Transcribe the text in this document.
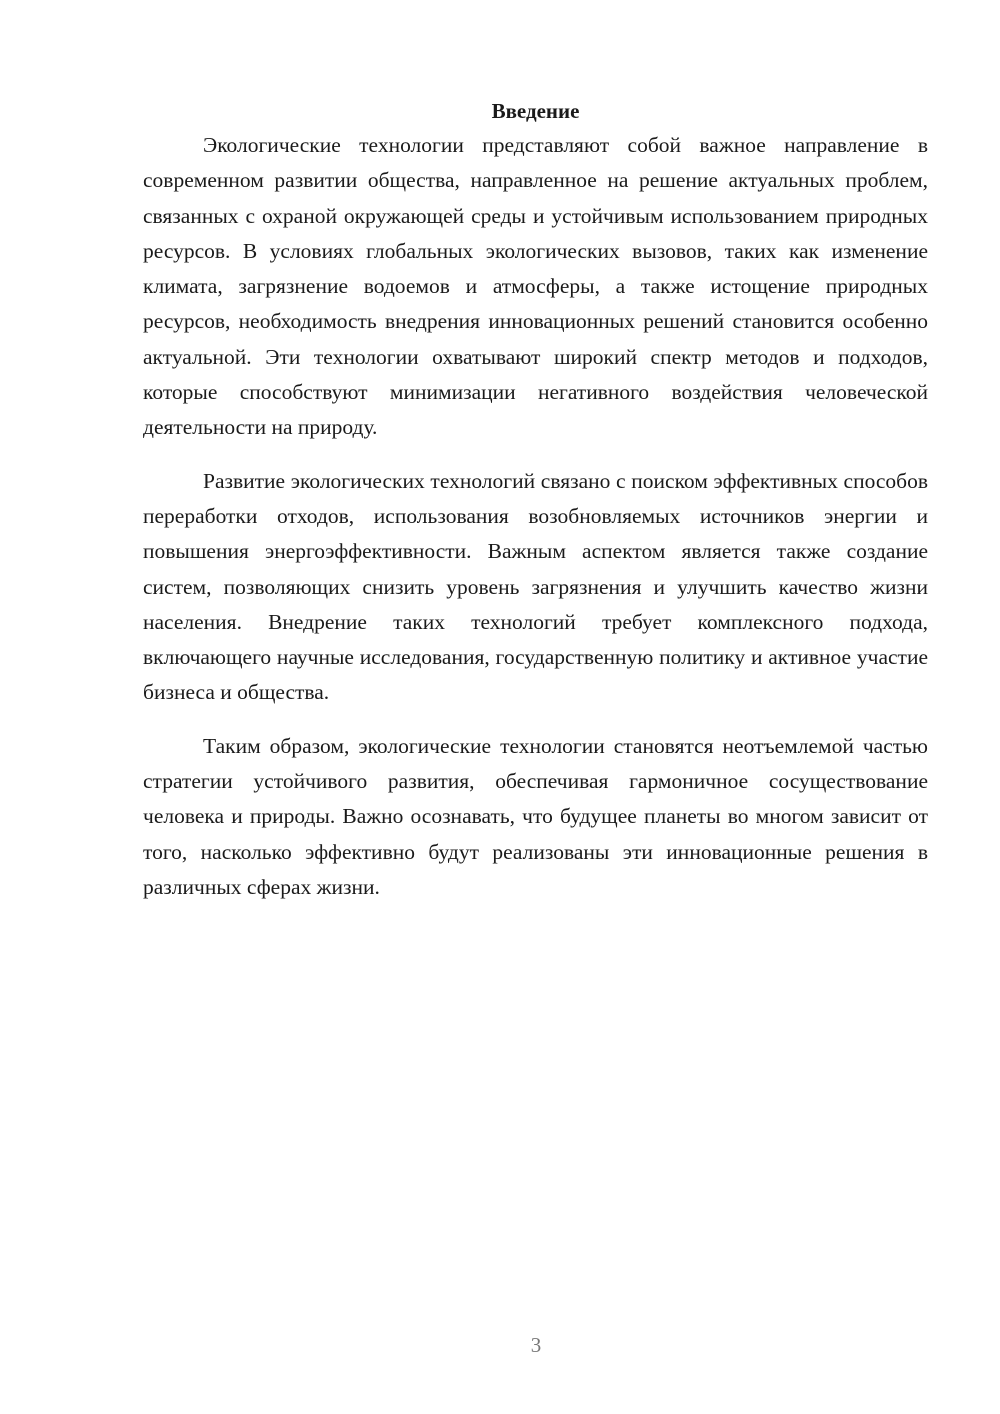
Введение

Экологические технологии представляют собой важное направление в современном развитии общества, направленное на решение актуальных проблем, связанных с охраной окружающей среды и устойчивым использованием природных ресурсов. В условиях глобальных экологических вызовов, таких как изменение климата, загрязнение водоемов и атмосферы, а также истощение природных ресурсов, необходимость внедрения инновационных решений становится особенно актуальной. Эти технологии охватывают широкий спектр методов и подходов, которые способствуют минимизации негативного воздействия человеческой деятельности на природу.

Развитие экологических технологий связано с поиском эффективных способов переработки отходов, использования возобновляемых источников энергии и повышения энергоэффективности. Важным аспектом является также создание систем, позволяющих снизить уровень загрязнения и улучшить качество жизни населения. Внедрение таких технологий требует комплексного подхода, включающего научные исследования, государственную политику и активное участие бизнеса и общества.

Таким образом, экологические технологии становятся неотъемлемой частью стратегии устойчивого развития, обеспечивая гармоничное сосуществование человека и природы. Важно осознавать, что будущее планеты во многом зависит от того, насколько эффективно будут реализованы эти инновационные решения в различных сферах жизни.

3
